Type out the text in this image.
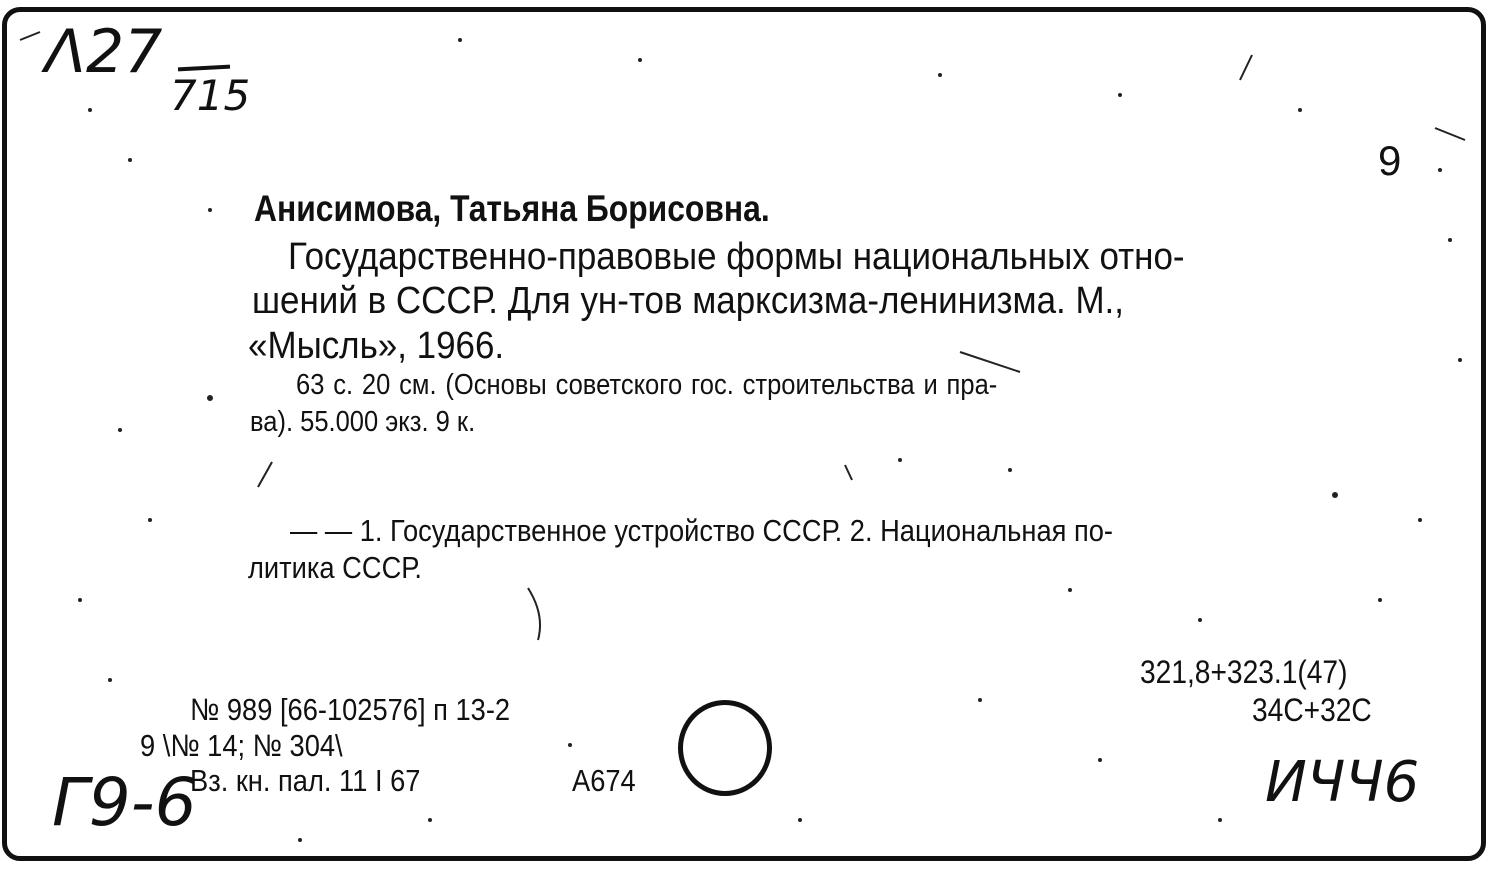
Λ27
715
9
Анисимова, Татьяна Борисовна.
Государственно-правовые формы национальных отно-
шений в СССР. Для ун-тов марксизма-ленинизма. М.,
«Мысль», 1966.
63 с. 20 см. (Основы советского гос. строительства и пра-
ва). 55.000 экз. 9 к.
— — 1. Государственное устройство СССР. 2. Национальная по-
литика СССР.
321,8+323.1(47)
34С+32С
№ 989 [66-102576] п 13-2
9 \№ 14; № 304\
Вз. кн. пал. 11 I 67	А674
Г9-6	ИЧЧ6
